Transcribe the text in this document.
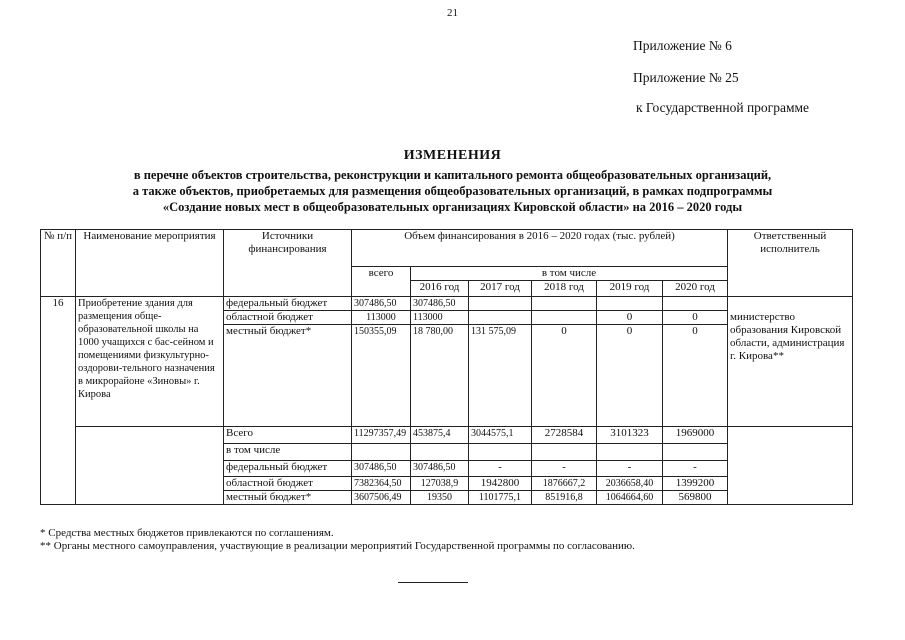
21
Приложение № 6
Приложение № 25
к Государственной программе
ИЗМЕНЕНИЯ
в перечне объектов строительства, реконструкции и капитального ремонта общеобразовательных организаций,
а также объектов, приобретаемых для размещения общеобразовательных организаций, в рамках подпрограммы
«Создание новых мест в общеобразовательных организациях Кировской области» на 2016 – 2020 годы
№ п/п	Наименование мероприятия	Источники финансирования	Объем финансирования в 2016 – 2020 годах (тыс. рублей)						Ответственный исполнитель
			всего	в том числе					
				2016 год	2017 год	2018 год	2019 год	2020 год	
16	Приобретение здания для размещения обще-образовательной школы на 1000 учащихся с бас-сейном и помещениями физкультурно-оздорови-тельного назначения в микрорайоне «Зиновы» г. Кирова	федеральный бюджет	307486,50	307486,50					
		областной бюджет	113000	113000			0	0	министерство образования Кировской области, администрация г. Кирова**
		местный бюджет*	150355,09	18 780,00	131 575,09	0	0	0	
		Всего	11297357,49	453875,4	3044575,1	2728584	3101323	1969000	
		в том числе							
		федеральный бюджет	307486,50	307486,50	-	-	-	-	
		областной бюджет	7382364,50	127038,9	1942800	1876667,2	2036658,40	1399200	
		местный бюджет*	3607506,49	19350	1101775,1	851916,8	1064664,60	569800	
* Средства местных бюджетов привлекаются по соглашениям.
** Органы местного самоуправления, участвующие в реализации мероприятий Государственной программы по согласованию.
